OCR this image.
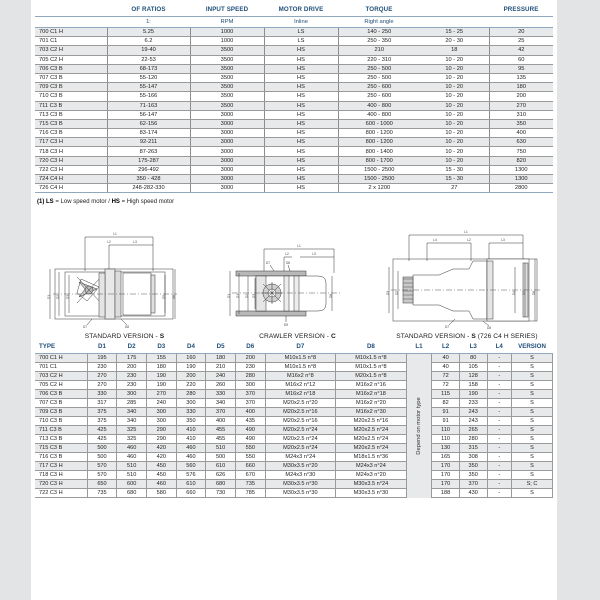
	OF RATIOS	INPUT SPEED	MOTOR DRIVE	TORQUE		PRESSURE
	1:	RPM	Inline	Right angle		
700 C1 H	5.25	1000	LS	140 - 250	15 - 25	20
701 C1	6.2	1000	LS	250 - 350	20 - 30	25
703 C2 H	19-40	3500	HS	210	18	42
705 C2 H	22-53	3500	HS	220 - 310	10 - 20	60
706 C3 B	68-173	3500	HS	250 - 500	10 - 20	95
707 C3 B	55-120	3500	HS	250 - 500	10 - 20	135
709 C3 B	55-147	3500	HS	250 - 600	10 - 20	180
710 C3 B	55-166	3500	HS	250 - 600	10 - 20	200
711 C3 B	71-163	3500	HS	400 - 800	10 - 20	270
713 C3 B	56-147	3000	HS	400 - 800	10 - 20	310
715 C3 B	62-156	3000	HS	600 - 1000	10 - 20	350
716 C3 B	83-174	3000	HS	800 - 1200	10 - 20	400
717 C3 H	92-211	3000	HS	800 - 1200	10 - 20	630
718 C3 H	87-263	3000	HS	800 - 1400	10 - 20	750
720 C3 H	175-287	3000	HS	800 - 1700	10 - 20	820
722 C3 H	296-492	3000	HS	1500 - 2500	15 - 30	1300
724 C4 H	350 - 428	3000	HS	1500 - 2500	15 - 30	1300
726 C4 H	248-282-330	3000	HS	2 x 1200	27	2800
(1) LS = Low speed motor / HS = High speed motor
L1
L2	L3
D1 D2 D3	D5 D6
D7	D8
STANDARD VERSION - S
L1
L2	L3
D1 D1 D2 D3	D8
D7	D8
D9
CRAWLER VERSION - C
L1
L4	L2	L3
D3 D2	D4 D5 D6
D7	D8
STANDARD VERSION - S (726 C4 H SERIES)
TYPE	D1	D2	D3	D4	D5	D6	D7	D8	L1	L2	L3	L4	VERSION
700 C1 H	195	175	155	160	180	200	M10x1.5 n°8	M10x1.5 n°8	Depend on motor type	40	80	-	S
701 C1	230	200	180	190	210	230	M10x1.5 n°8	M10x1.5 n°8		40	105	-	S
703 C2 H	270	230	190	200	240	280	M16x2 n°8	M20x1.5 n°8		72	128	-	S
705 C2 H	270	230	190	220	260	300	M16x2 n°12	M16x2 n°16		72	158	-	S
706 C3 B	330	300	270	280	330	370	M16x2 n°18	M16x2 n°18		115	190	-	S
707 C3 B	317	285	240	300	340	370	M20x2.5 n°20	M16x2 n°20		82	233	-	S
709 C3 B	375	340	300	330	370	400	M20x2.5 n°16	M16x2 n°30		91	243	-	S
710 C3 B	375	340	300	350	400	435	M20x2.5 n°16	M20x2.5 n°16		91	243	-	S
711 C3 B	425	325	290	410	455	490	M20x2.5 n°24	M20x2.5 n°24		110	265	-	S
713 C3 B	425	325	290	410	455	490	M20x2.5 n°24	M20x2.5 n°24		110	280	-	S
715 C3 B	500	460	420	460	510	550	M20x2.5 n°24	M20x2.5 n°24		130	315	-	S
716 C3 B	500	460	420	460	500	550	M24x3 n°24	M18x1.5 n°36		165	308	-	S
717 C3 H	570	510	450	560	610	660	M30x3.5 n°20	M24x3 n°24		170	350	-	S
718 C3 H	570	510	450	576	626	670	M24x3 n°30	M24x3 n°20		170	350	-	S
720 C3 H	650	600	460	610	680	735	M30x3.5 n°30	M30x3.5 n°24		170	370	-	S; C
722 C3 H	735	680	580	660	730	785	M30x3.5 n°30	M30x3.5 n°30		188	430	-	S
